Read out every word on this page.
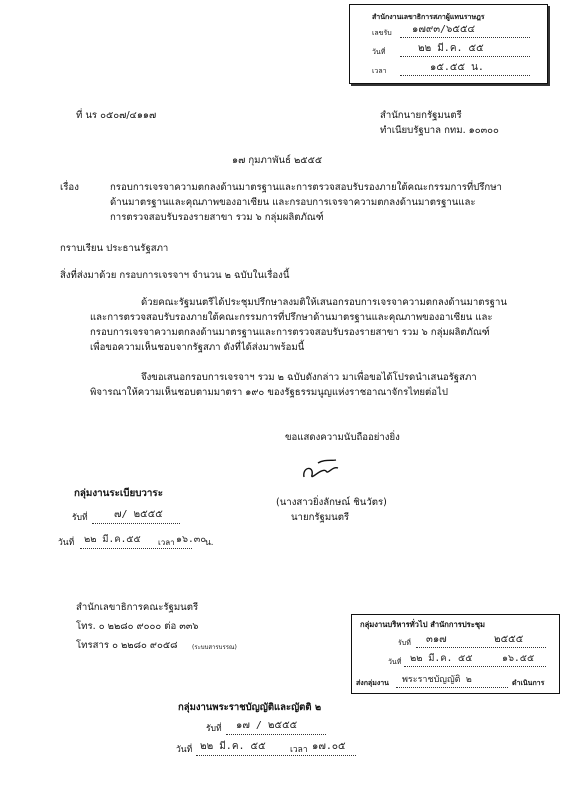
สำนักงานเลขาธิการสภาผู้แทนราษฎร
เลขรับ ๑๗๙๓/๖๕๕๔
วันที่	๒๒ มี.ค. ๕๕
เวลา	๑๕.๕๕ น.
ที่ นร ๐๕๐๗/๔๑๑๗	สำนักนายกรัฐมนตรี
ทำเนียบรัฐบาล กทม. ๑๐๓๐๐
๑๗ กุมภาพันธ์ ๒๕๕๕
เรื่อง	กรอบการเจรจาความตกลงด้านมาตรฐานและการตรวจสอบรับรองภายใต้คณะกรรมการที่ปรึกษา
ด้านมาตรฐานและคุณภาพของอาเซียน และกรอบการเจรจาความตกลงด้านมาตรฐานและ
การตรวจสอบรับรองรายสาขา รวม ๖ กลุ่มผลิตภัณฑ์
กราบเรียน ประธานรัฐสภา
สิ่งที่ส่งมาด้วย กรอบการเจรจาฯ จำนวน ๒ ฉบับในเรื่องนี้
ด้วยคณะรัฐมนตรีได้ประชุมปรึกษาลงมติให้เสนอกรอบการเจรจาความตกลงด้านมาตรฐาน
และการตรวจสอบรับรองภายใต้คณะกรรมการที่ปรึกษาด้านมาตรฐานและคุณภาพของอาเซียน และ
กรอบการเจรจาความตกลงด้านมาตรฐานและการตรวจสอบรับรองรายสาขา รวม ๖ กลุ่มผลิตภัณฑ์
เพื่อขอความเห็นชอบจากรัฐสภา ดังที่ได้ส่งมาพร้อมนี้
จึงขอเสนอกรอบการเจรจาฯ รวม ๒ ฉบับดังกล่าว มาเพื่อขอได้โปรดนำเสนอรัฐสภา
พิจารณาให้ความเห็นชอบตามมาตรา ๑๙๐ ของรัฐธรรมนูญแห่งราชอาณาจักรไทยต่อไป
ขอแสดงความนับถืออย่างยิ่ง
(นางสาวยิ่งลักษณ์ ชินวัตร)
นายกรัฐมนตรี
กลุ่มงานระเบียบวาระ
รับที่	๗/ ๒๕๕๕
วันที่ ๒๒ มี.ค.๕๕ เวลา ๑๖.๓๐
น.
สำนักเลขาธิการคณะรัฐมนตรี
โทร. ๐ ๒๒๘๐ ๙๐๐๐ ต่อ ๓๓๖
โทรสาร ๐ ๒๒๘๐ ๙๐๕๘ (ระบบสารบรรณ)
กลุ่มงานบริหารทั่วไป สำนักการประชุม
รับที่ ๓๑๗	๒๕๕๕
วันที่ ๒๒ มี.ค. ๕๕	๑๖.๕๕
ส่งกลุ่มงาน พระราชบัญญัติ ๒	ดำเนินการ
กลุ่มงานพระราชบัญญัติและญัตติ ๒
รับที่ ๑๗ / ๒๕๕๕
วันที่ ๒๒ มี.ค. ๕๕	เวลา ๑๗.๐๕
